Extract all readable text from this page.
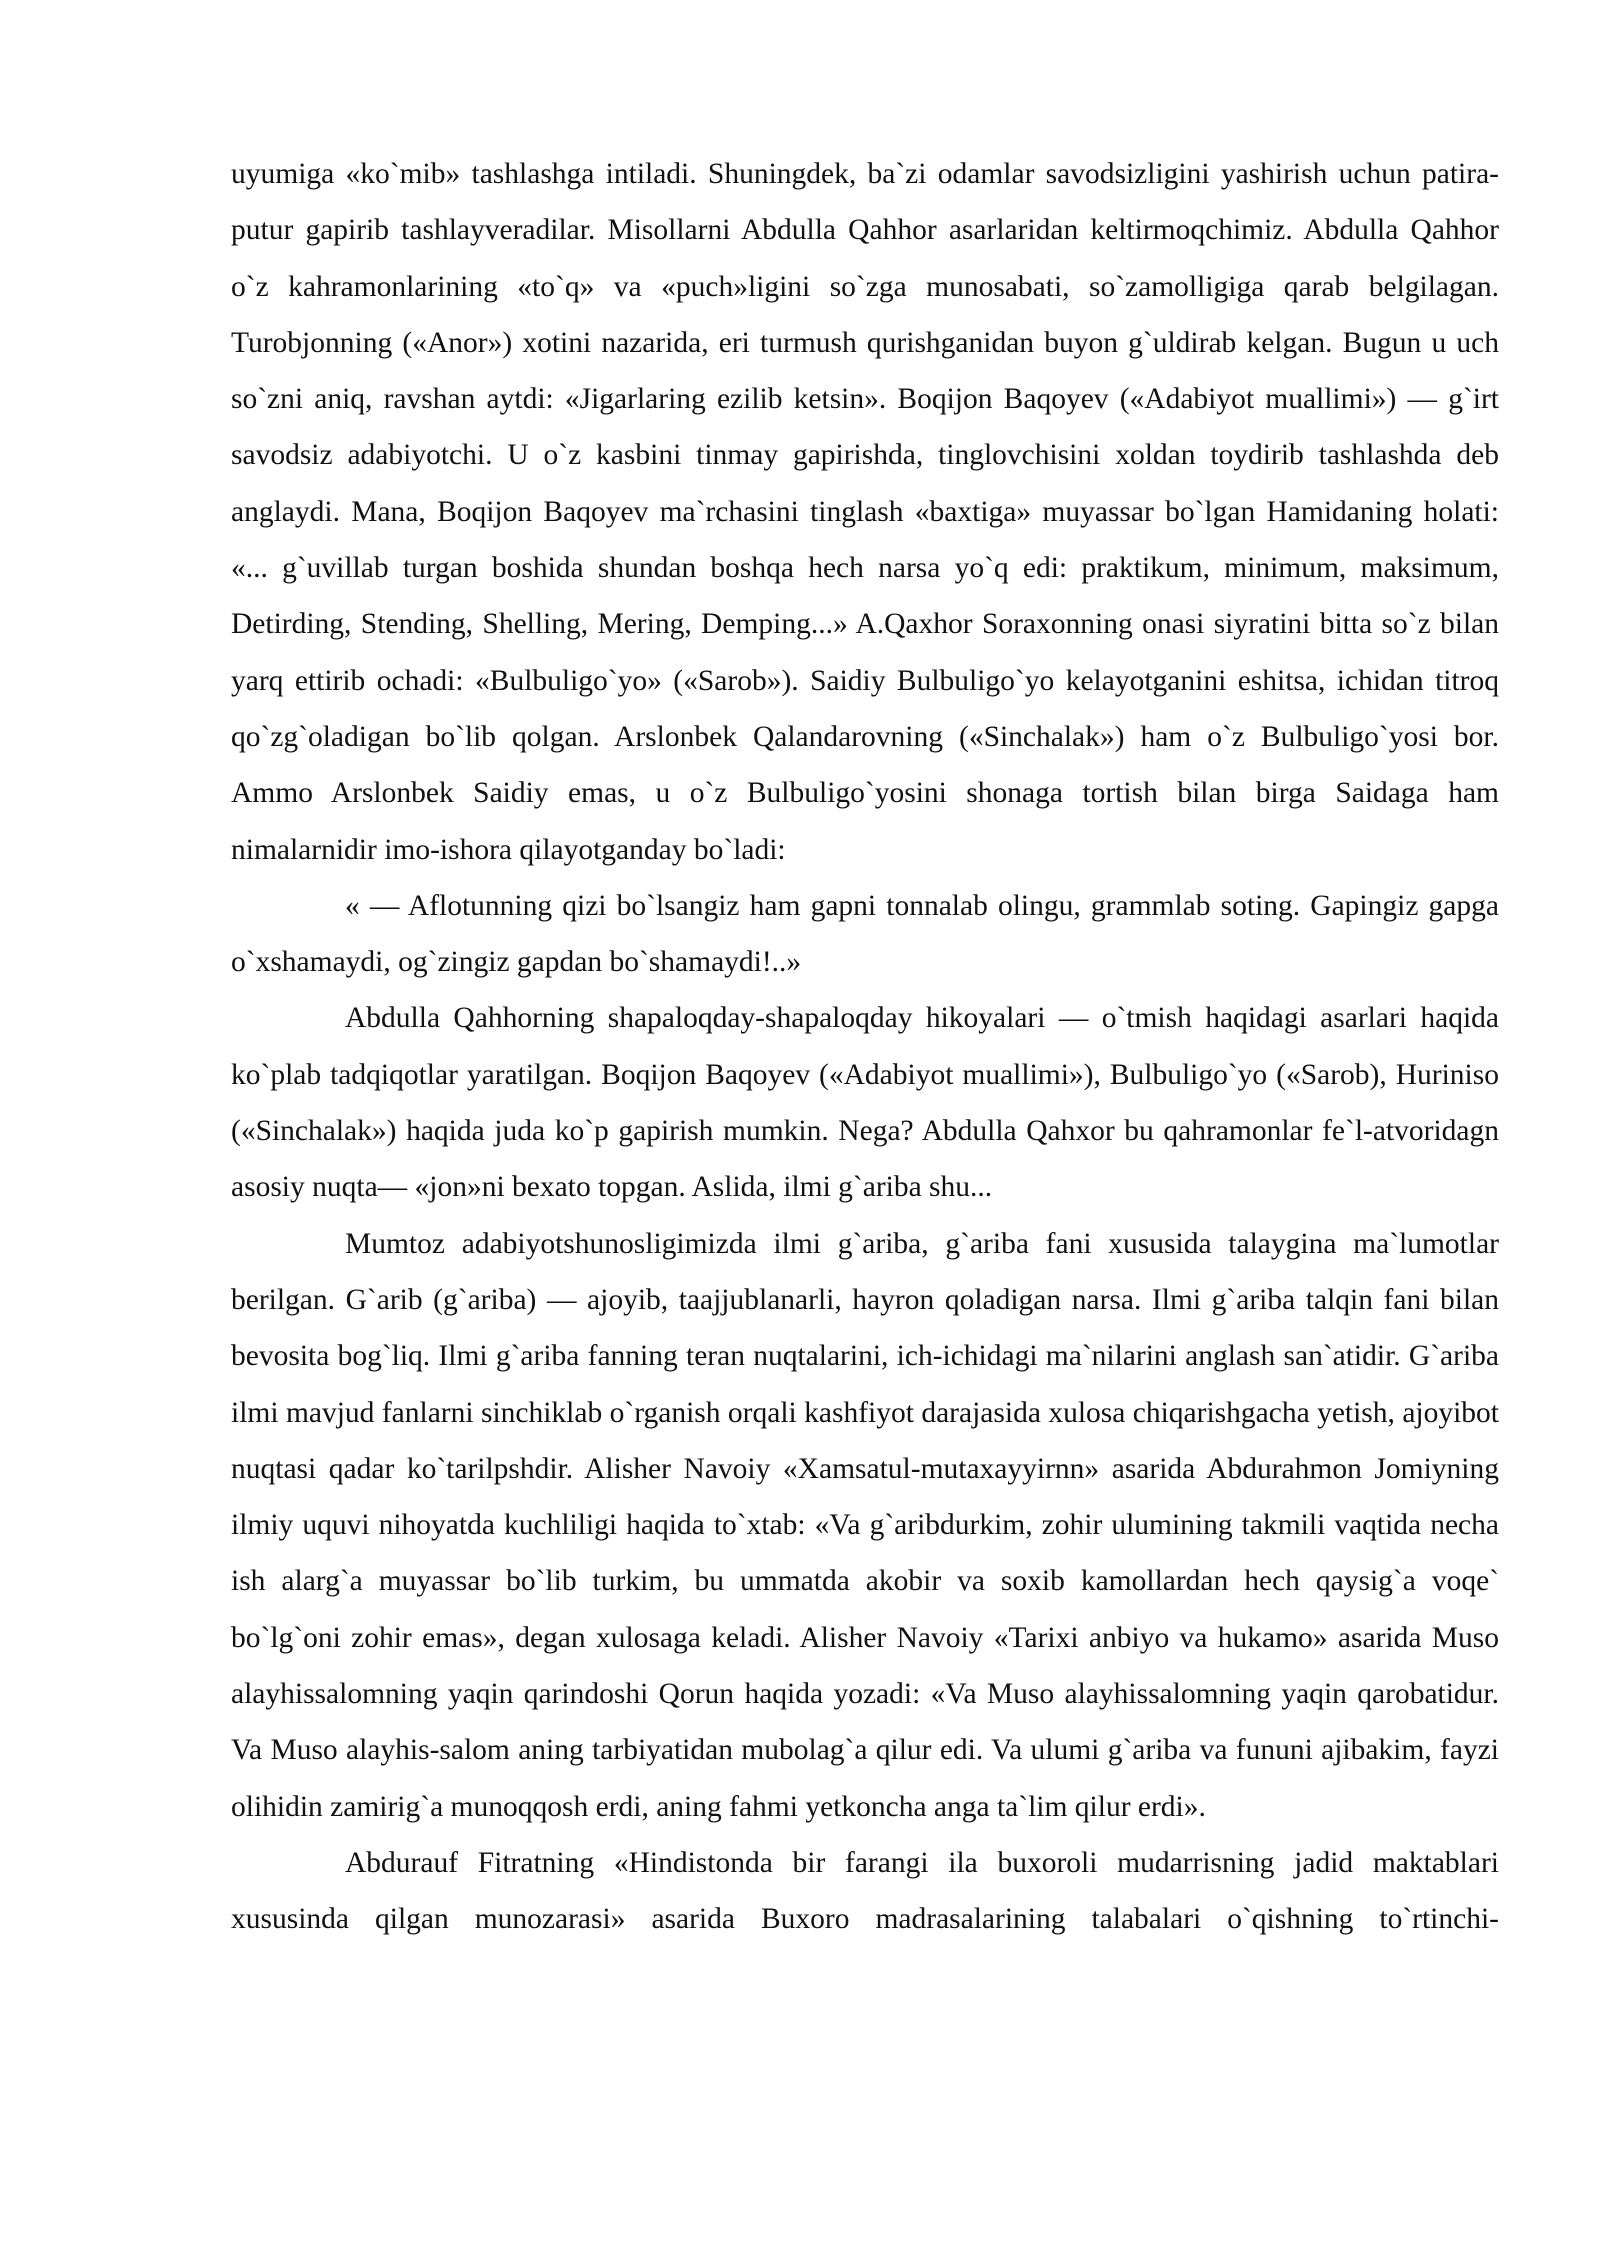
uyumiga «ko`mib» tashlashga intiladi. Shuningdek, ba`zi odamlar savodsizligini yashirish uchun patira-putur gapirib tashlayveradilar. Misollarni Abdulla Qahhor asarlaridan keltirmoqchimiz. Abdulla Qahhor o`z kahramonlarining «to`q» va «puch»ligini so`zga munosabati, so`zamolligiga qarab belgilagan. Turobjonning («Anor») xotini nazarida, eri turmush qurishganidan buyon g`uldirab kelgan. Bugun u uch so`zni aniq, ravshan aytdi: «Jigarlaring ezilib ketsin». Boqijon Baqoyev («Adabiyot muallimi») — g`irt savodsiz adabiyotchi. U o`z kasbini tinmay gapirishda, tinglovchisini xoldan toydirib tashlashda deb anglaydi. Mana, Boqijon Baqoyev ma`rchasini tinglash «baxtiga» muyassar bo`lgan Hamidaning holati: «... g`uvillab turgan boshida shundan boshqa hech narsa yo`q edi: praktikum, minimum, maksimum, Detirding, Stending, Shelling, Mering, Demping...» A.Qaxhor Soraxonning onasi siyratini bitta so`z bilan yarq ettirib ochadi: «Bulbuligo`yo» («Sarob»). Saidiy Bulbuligo`yo kelayotganini eshitsa, ichidan titroq qo`zg`oladigan bo`lib qolgan. Arslonbek Qalandarovning («Sinchalak») ham o`z Bulbuligo`yosi bor. Ammo Arslonbek Saidiy emas, u o`z Bulbuligo`yosini shonaga tortish bilan birga Saidaga ham nimalarnidir imo-ishora qilayotganday bo`ladi:

« — Aflotunning qizi bo`lsangiz ham gapni tonnalab olingu, grammlab soting. Gapingiz gapga o`xshamaydi, og`zingiz gapdan bo`shamaydi!..»

Abdulla Qahhorning shapaloqday-shapaloqday hikoyalari — o`tmish haqidagi asarlari haqida ko`plab tadqiqotlar yaratilgan. Boqijon Baqoyev («Adabiyot muallimi»), Bulbuligo`yo («Sarob), Huriniso («Sinchalak») haqida juda ko`p gapirish mumkin. Nega? Abdulla Qahxor bu qahramonlar fe`l-atvoridagn asosiy nuqta— «jon»ni bexato topgan. Aslida, ilmi g`ariba shu...

Mumtoz adabiyotshunosligimizda ilmi g`ariba, g`ariba fani xususida talaygina ma`lumotlar berilgan. G`arib (g`ariba) — ajoyib, taajjublanarli, hayron qoladigan narsa. Ilmi g`ariba talqin fani bilan bevosita bog`liq. Ilmi g`ariba fanning teran nuqtalarini, ich-ichidagi ma`nilarini anglash san`atidir. G`ariba ilmi mavjud fanlarni sinchiklab o`rganish orqali kashfiyot darajasida xulosa chiqarishgacha yetish, ajoyibot nuqtasi qadar ko`tarilpshdir. Alisher Navoiy «Xamsatul-mutaxayyirnn» asarida Abdurahmon Jomiyning ilmiy uquvi nihoyatda kuchliligi haqida to`xtab: «Va g`aribdurkim, zohir ulumining takmili vaqtida necha ish alarg`a muyassar bo`lib turkim, bu ummatda akobir va soxib kamollardan hech qaysig`a voqe` bo`lg`oni zohir emas», degan xulosaga keladi. Alisher Navoiy «Tarixi anbiyo va hukamo» asarida Muso alayhissalomning yaqin qarindoshi Qorun haqida yozadi: «Va Muso alayhissalomning yaqin qarobatidur. Va Muso alayhis-salom aning tarbiyatidan mubolag`a qilur edi. Va ulumi g`ariba va fununi ajibakim, fayzi olihidin zamirig`a munoqqosh erdi, aning fahmi yetkoncha anga ta`lim qilur erdi».

Abdurauf Fitratning «Hindistonda bir farangi ila buxoroli mudarrisning jadid maktablari xususinda qilgan munozarasi» asarida Buxoro madrasalarining talabalari o`qishning to`rtinchi-
